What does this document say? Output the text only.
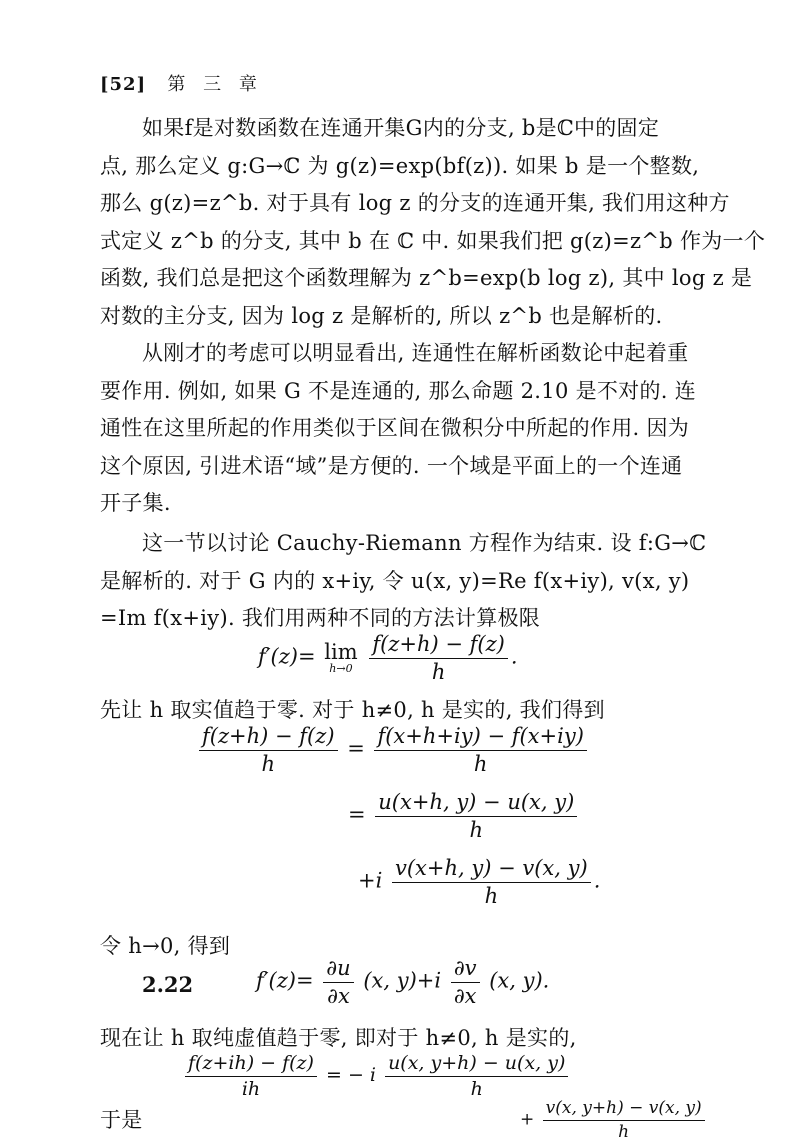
[52] 第 三 章
如果f是对数函数在连通开集G内的分支, b是ℂ中的固定
点, 那么定义 g:G→ℂ 为 g(z)=exp(bf(z)). 如果 b 是一个整数,
那么 g(z)=z^b. 对于具有 log z 的分支的连通开集, 我们用这种方
式定义 z^b 的分支, 其中 b 在 ℂ 中. 如果我们把 g(z)=z^b 作为一个
函数, 我们总是把这个函数理解为 z^b=exp(b log z), 其中 log z 是
对数的主分支, 因为 log z 是解析的, 所以 z^b 也是解析的.
从刚才的考虑可以明显看出, 连通性在解析函数论中起着重
要作用. 例如, 如果 G 不是连通的, 那么命题 2.10 是不对的. 连
通性在这里所起的作用类似于区间在微积分中所起的作用. 因为
这个原因, 引进术语“域”是方便的. 一个域是平面上的一个连通
开子集.
这一节以讨论 Cauchy-Riemann 方程作为结束. 设 f:G→ℂ
是解析的. 对于 G 内的 x+iy, 令 u(x, y)=Re f(x+iy), v(x, y)
=Im f(x+iy). 我们用两种不同的方法计算极限
f′(z)= lim
h→0
$\frac{f(z+h) - f(z)}{h}$ .
先让 h 取实值趋于零. 对于 h≠0, h 是实的, 我们得到
$\frac{f(z+h) - f(z)}{h} = \frac{f(x+h+iy) - f(x+iy)}{h}$
= $\frac{u(x+h, y) - u(x, y)}{h}$
$+i \frac{v(x+h, y) - v(x, y)}{h}$ .
令 h→0, 得到
2.22	$f'(z)= \frac{\partial u}{\partial x} (x$, $y)+i \frac{\partial v}{\partial x} (x$, y).
现在让 h 取纯虚值趋于零, 即对于 h≠0, h 是实的,
$\frac{f(z+ih) - f(z)}{ih}$ = − i $\frac{u(x, y+h) - u(x, y)}{h}$
+ $\frac{v(x, y+h) - v(x, y)}{h}$
于是
